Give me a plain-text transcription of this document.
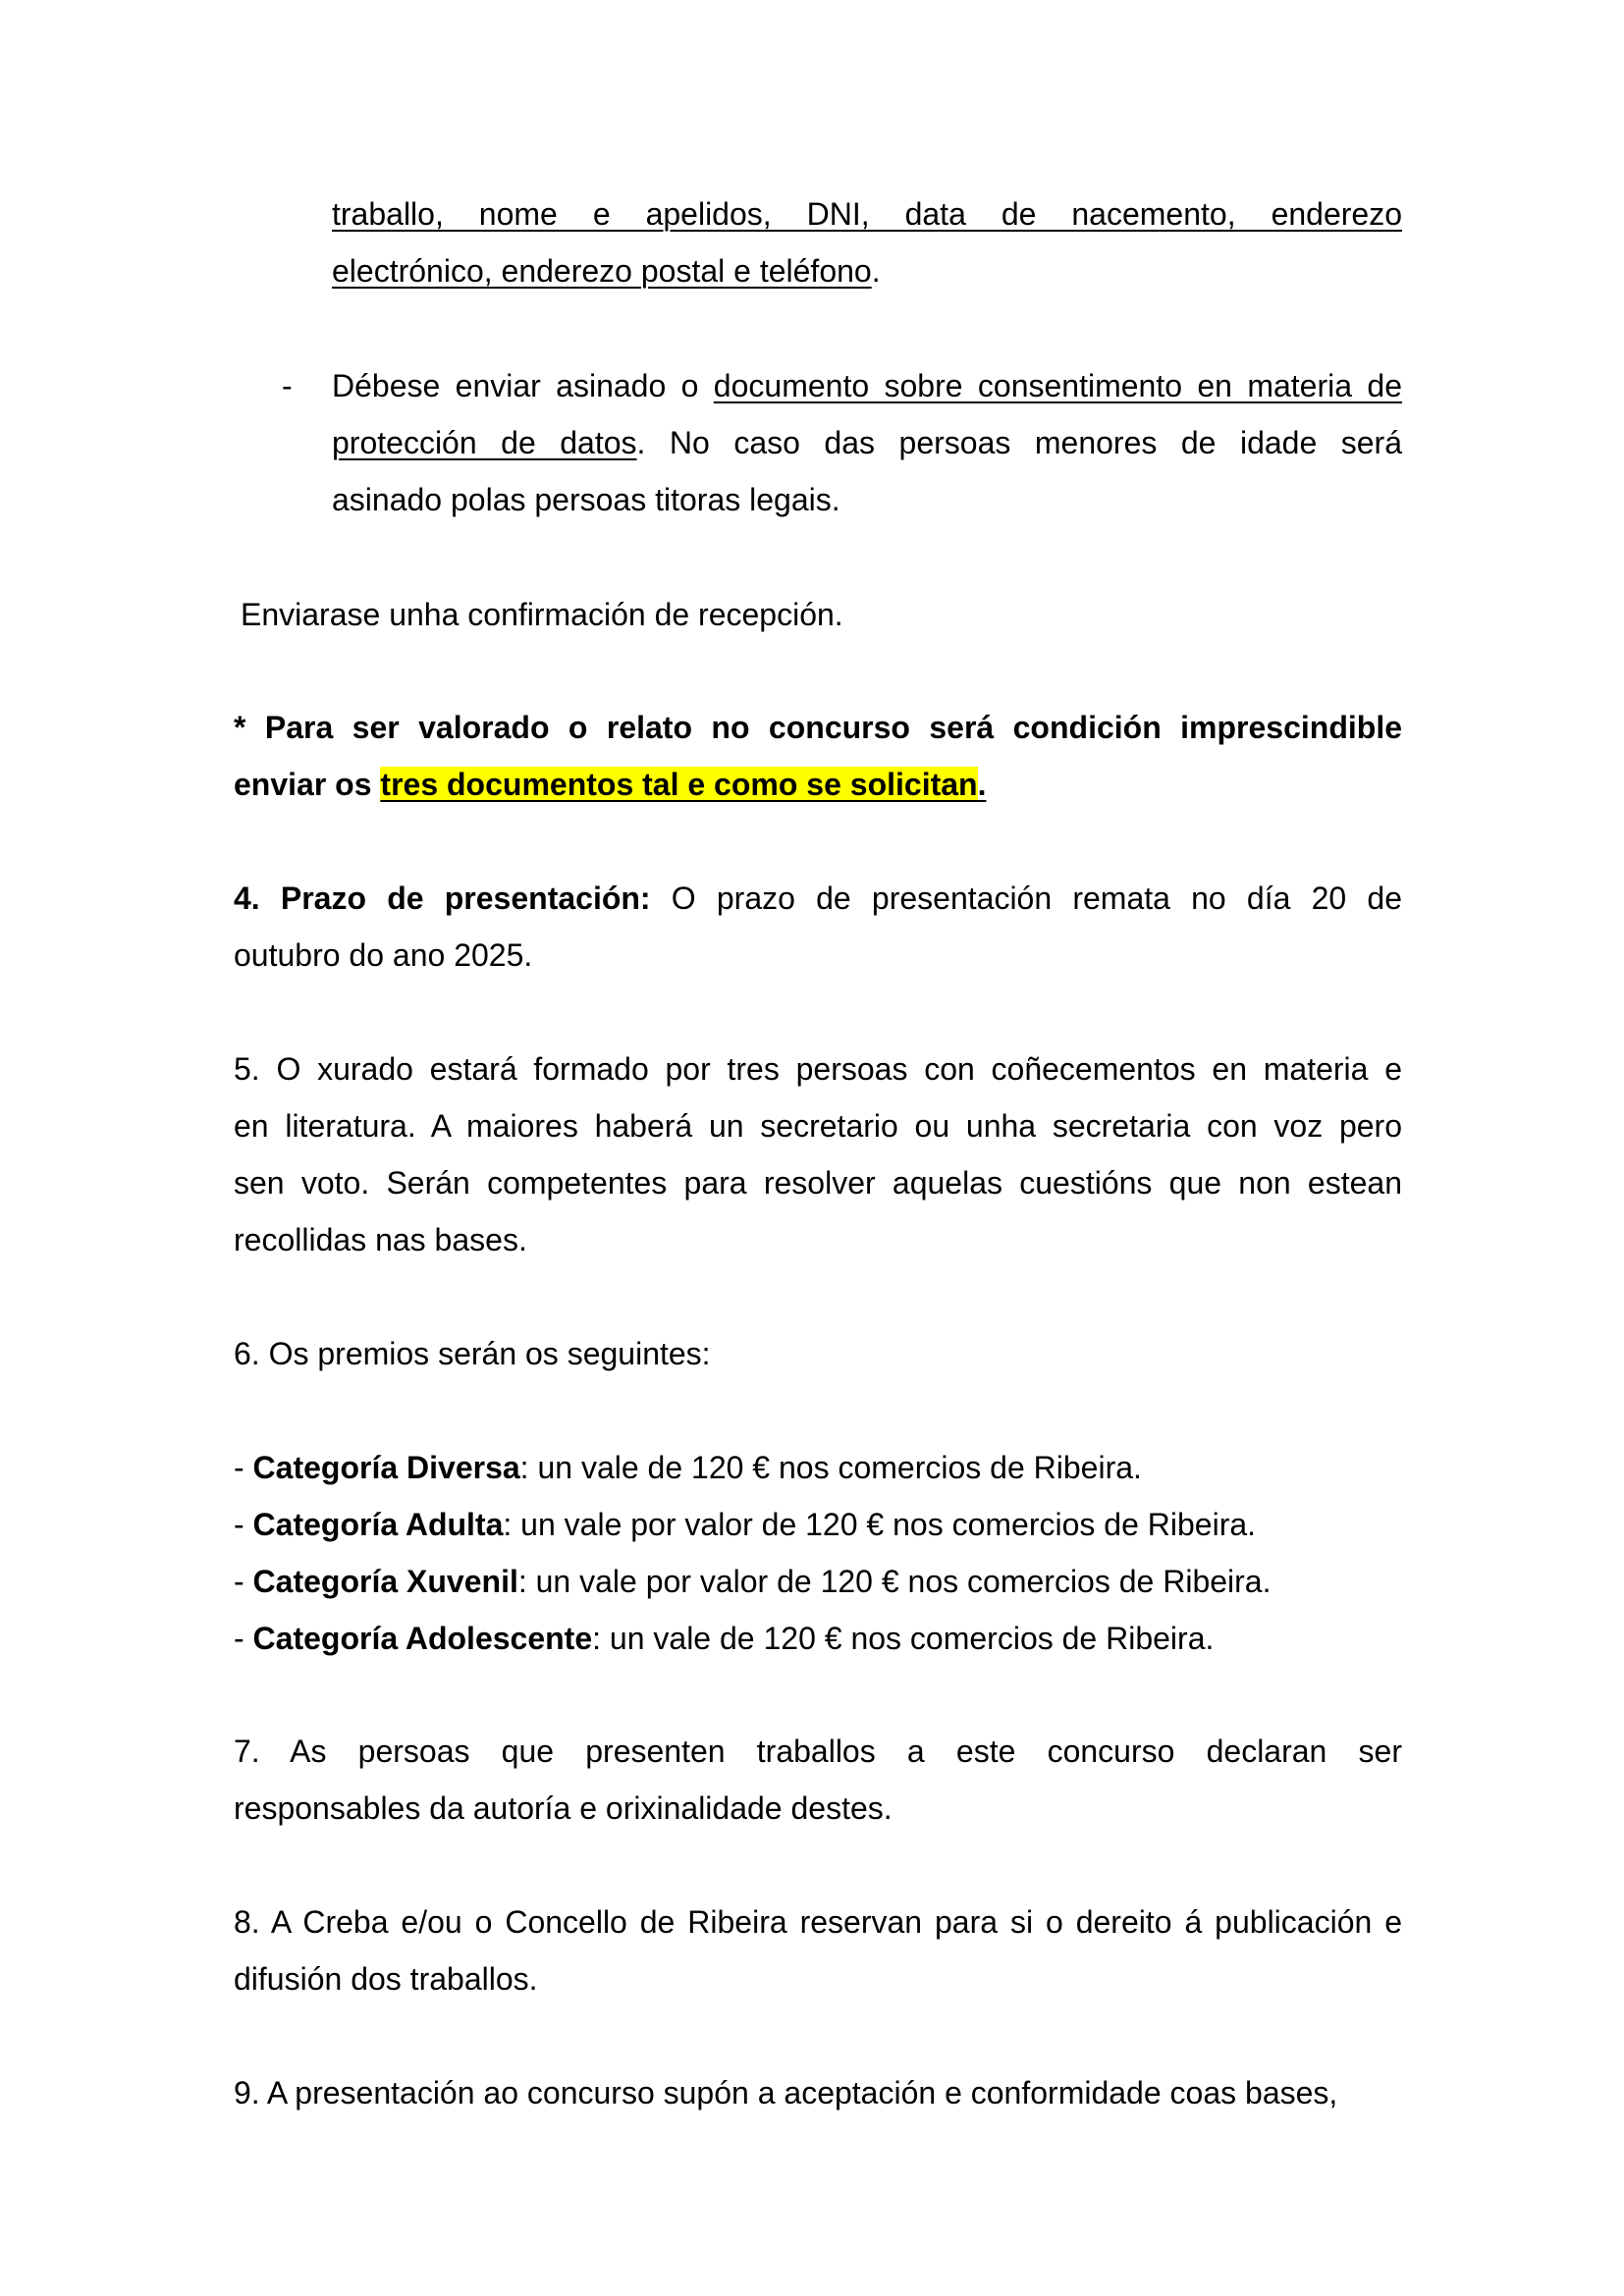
traballo, nome e apelidos, DNI, data de nacemento, enderezo
electrónico, enderezo postal e teléfono.
- Débese enviar asinado o documento sobre consentimento en materia de
protección de datos. No caso das persoas menores de idade será
asinado polas persoas titoras legais.
Enviarase unha confirmación de recepción.
* Para ser valorado o relato no concurso será condición imprescindible
enviar os tres documentos tal e como se solicitan.
4. Prazo de presentación: O prazo de presentación remata no día 20 de
outubro do ano 2025.
5. O xurado estará formado por tres persoas con coñecementos en materia e
en literatura. A maiores haberá un secretario ou unha secretaria con voz pero
sen voto. Serán competentes para resolver aquelas cuestións que non estean
recollidas nas bases.
6. Os premios serán os seguintes:
- Categoría Diversa: un vale de 120 € nos comercios de Ribeira.
- Categoría Adulta: un vale por valor de 120 € nos comercios de Ribeira.
- Categoría Xuvenil: un vale por valor de 120 € nos comercios de Ribeira.
- Categoría Adolescente: un vale de 120 € nos comercios de Ribeira.
7. As persoas que presenten traballos a este concurso declaran ser
responsables da autoría e orixinalidade destes.
8. A Creba e/ou o Concello de Ribeira reservan para si o dereito á publicación e
difusión dos traballos.
9. A presentación ao concurso supón a aceptación e conformidade coas bases,
